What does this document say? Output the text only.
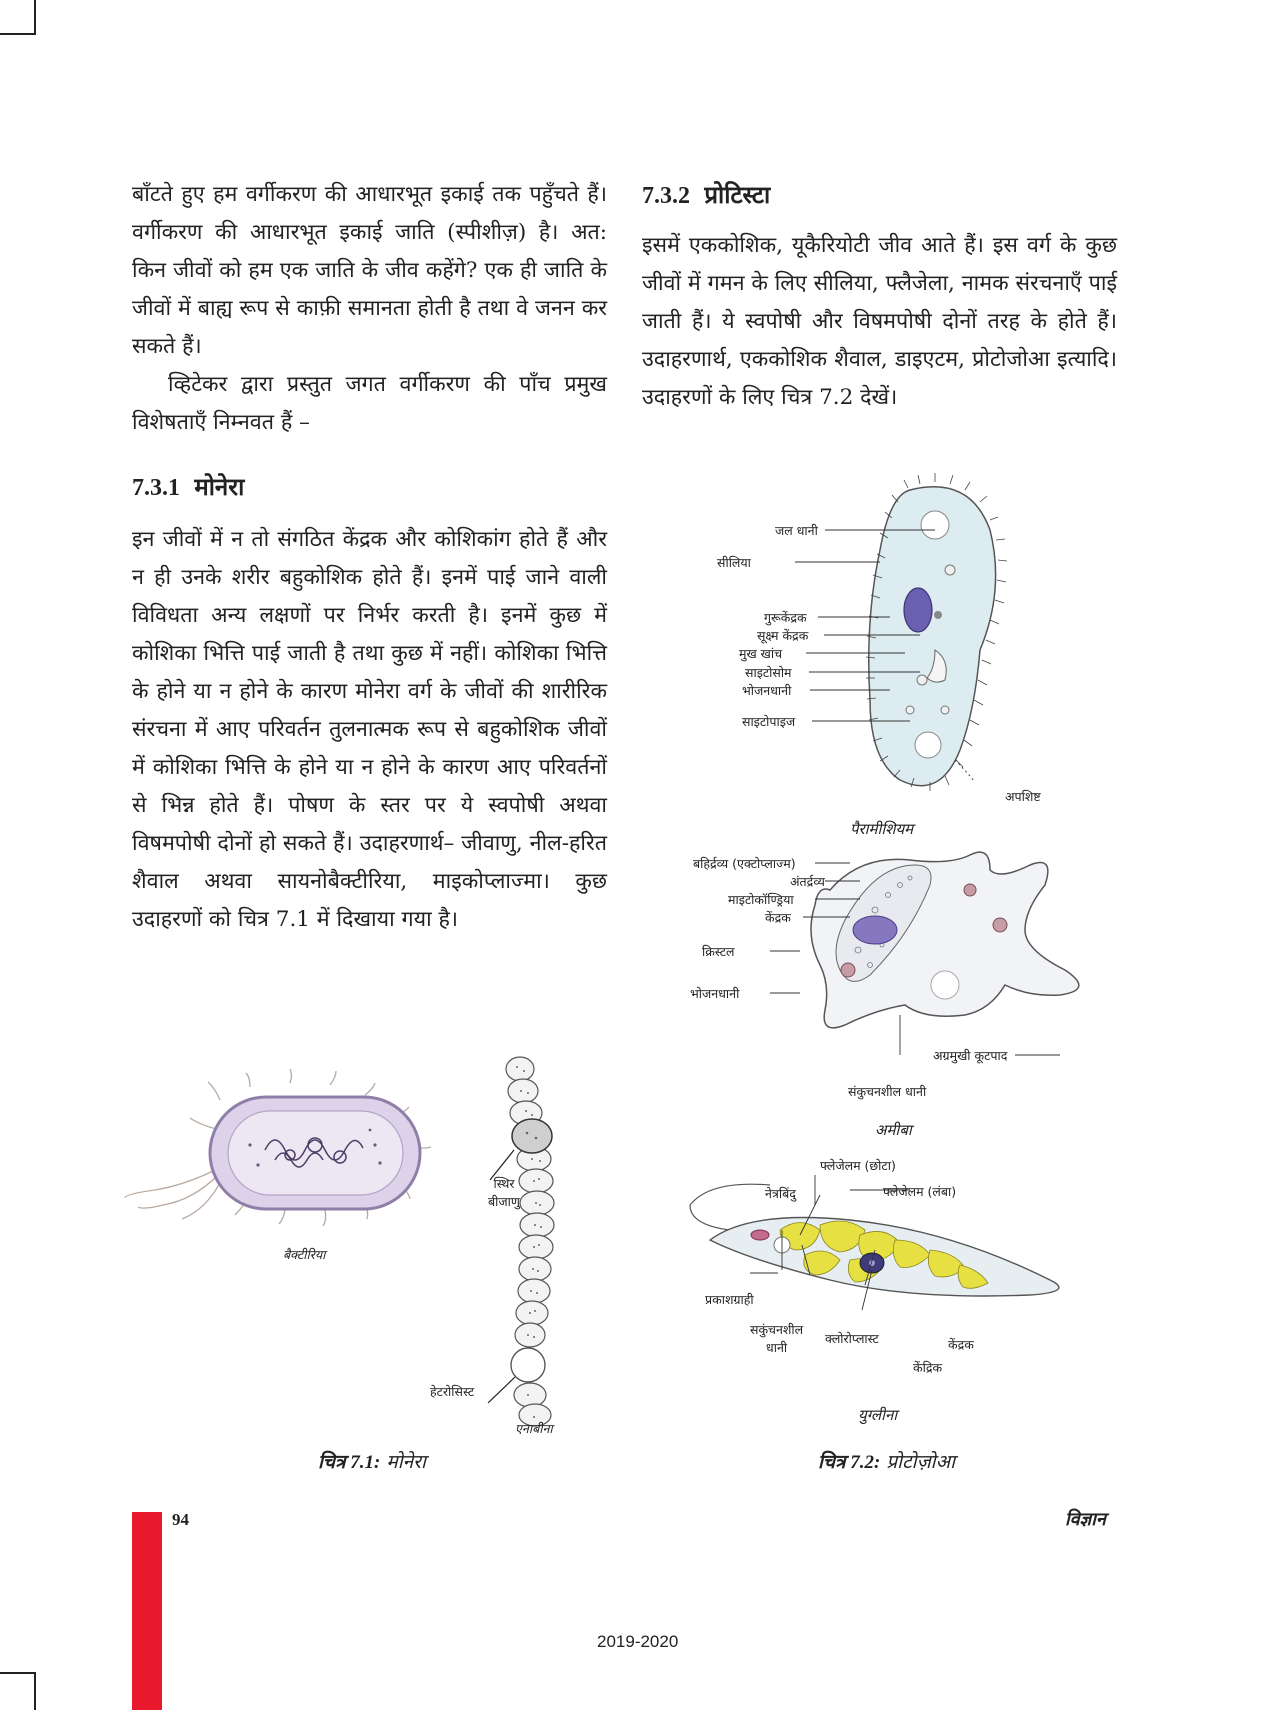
बाँटते हुए हम वर्गीकरण की आधारभूत इकाई तक पहुँचते हैं। वर्गीकरण की आधारभूत इकाई जाति (स्पीशीज़) है। अत: किन जीवों को हम एक जाति के जीव कहेंगे? एक ही जाति के जीवों में बाह्य रूप से काफ़ी समानता होती है तथा वे जनन कर सकते हैं।

व्हिटेकर द्वारा प्रस्तुत जगत वर्गीकरण की पाँच प्रमुख विशेषताएँ निम्नवत हैं –

7.3.1 मोनेरा

इन जीवों में न तो संगठित केंद्रक और कोशिकांग होते हैं और न ही उनके शरीर बहुकोशिक होते हैं। इनमें पाई जाने वाली विविधता अन्य लक्षणों पर निर्भर करती है। इनमें कुछ में कोशिका भित्ति पाई जाती है तथा कुछ में नहीं। कोशिका भित्ति के होने या न होने के कारण मोनेरा वर्ग के जीवों की शारीरिक संरचना में आए परिवर्तन तुलनात्मक रूप से बहुकोशिक जीवों में कोशिका भित्ति के होने या न होने के कारण आए परिवर्तनों से भिन्न होते हैं। पोषण के स्तर पर ये स्वपोषी अथवा विषमपोषी दोनों हो सकते हैं। उदाहरणार्थ– जीवाणु, नील-हरित शैवाल अथवा सायनोबैक्टीरिया, माइकोप्लाज्मा। कुछ उदाहरणों को चित्र 7.1 में दिखाया गया है।

7.3.2 प्रोटिस्टा

इसमें एककोशिक, यूकैरियोटी जीव आते हैं। इस वर्ग के कुछ जीवों में गमन के लिए सीलिया, फ्लैजेला, नामक संरचनाएँ पाई जाती हैं। ये स्वपोषी और विषमपोषी दोनों तरह के होते हैं। उदाहरणार्थ, एककोशिक शैवाल, डाइएटम, प्रोटोजोआ इत्यादि। उदाहरणों के लिए चित्र 7.2 देखें।

बैक्टीरिया
स्थिर
बीजाणु
हेटरोसिस्ट
एनाबीना
चित्र 7.1: मोनेरा
जल धानी
सीलिया
गुरूकेंद्रक
सूक्ष्म केंद्रक
मुख खांच
साइटोसोम
भोजनधानी
साइटोपाइज
अपशिष्ट
पैरामीशियम
बहिर्द्रव्य (एक्टोप्लाज्म)
अंतर्द्रव्य
माइटोकॉण्ड्रिया
केंद्रक
क्रिस्टल
भोजनधानी
अग्रमुखी कूटपाद
संकुचनशील धानी
अमीबा
फ्लेजेलम (छोटा)
नेत्रबिंदु	फ्लेजेलम (लंबा)
प्रकाशग्राही
सकुंचनशील
धानी
क्लोरोप्लास्ट	केंद्रक
केंद्रिक
युग्लीना
चित्र 7.2: प्रोटोज़ोआ
94	विज्ञान
2019-2020
